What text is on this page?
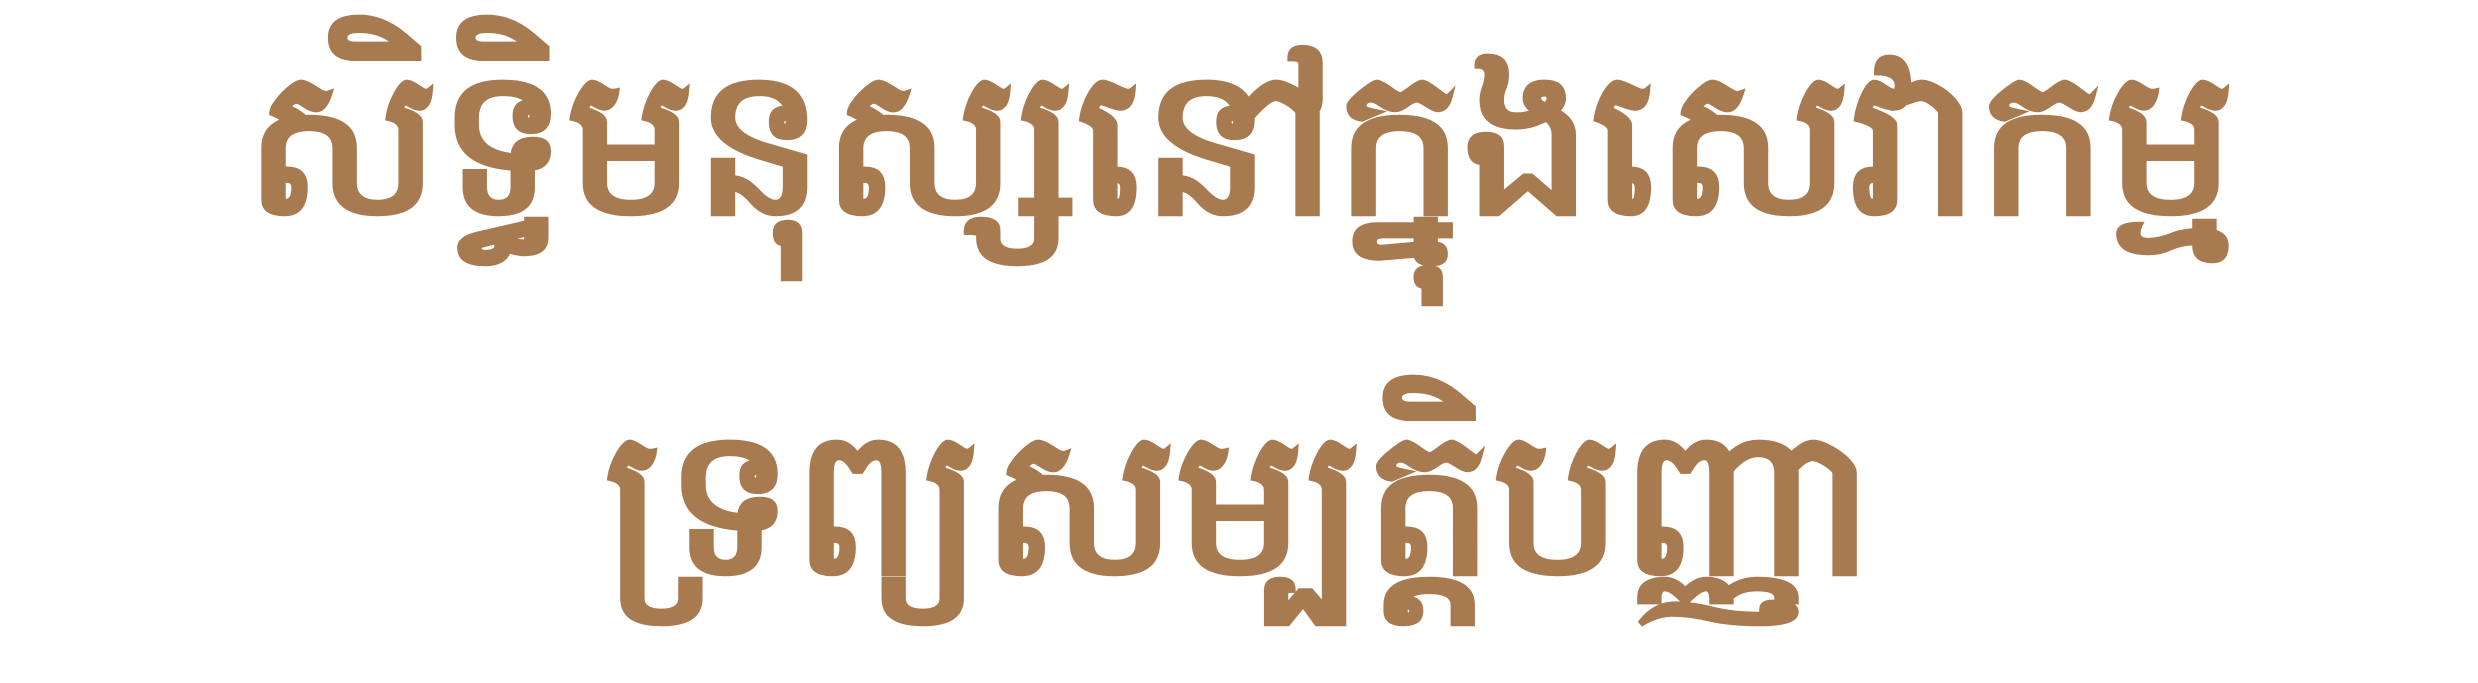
សិទ្ធិមនុស្សនៅក្នុងសេវាកម្ម
ទ្រព្យសម្បត្តិបញ្ញា
